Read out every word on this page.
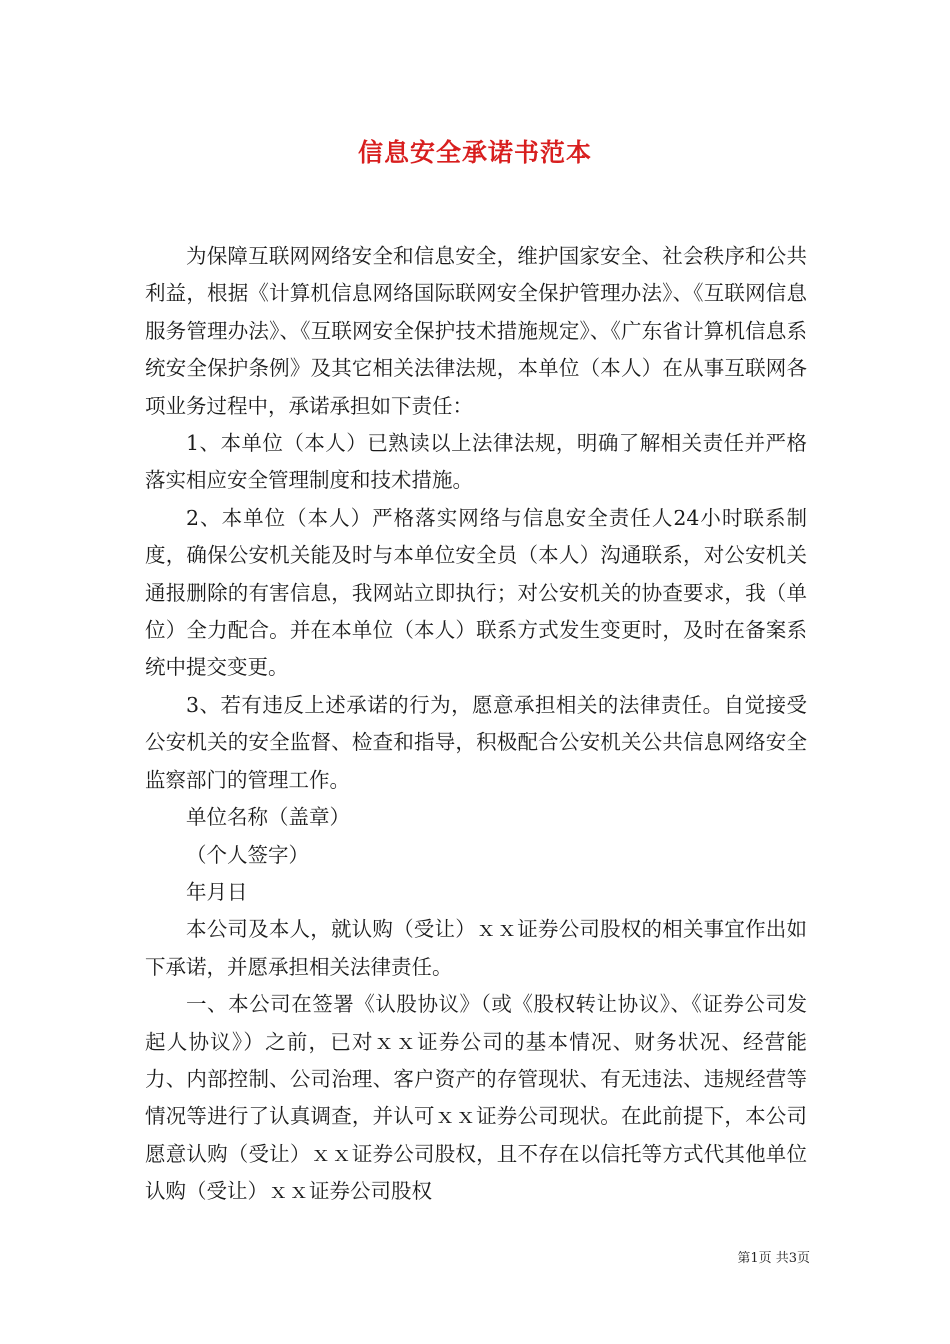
信息安全承诺书范本

为保障互联网网络安全和信息安全，维护国家安全、社会秩序和公共利益，根据《计算机信息网络国际联网安全保护管理办法》、《互联网信息服务管理办法》、《互联网安全保护技术措施规定》、《广东省计算机信息系统安全保护条例》及其它相关法律法规，本单位（本人）在从事互联网各项业务过程中，承诺承担如下责任：

1、本单位（本人）已熟读以上法律法规，明确了解相关责任并严格落实相应安全管理制度和技术措施。

2、本单位（本人）严格落实网络与信息安全责任人24小时联系制度，确保公安机关能及时与本单位安全员（本人）沟通联系，对公安机关通报删除的有害信息，我网站立即执行；对公安机关的协查要求，我（单位）全力配合。并在本单位（本人）联系方式发生变更时，及时在备案系统中提交变更。

3、若有违反上述承诺的行为，愿意承担相关的法律责任。自觉接受公安机关的安全监督、检查和指导，积极配合公安机关公共信息网络安全监察部门的管理工作。

单位名称（盖章）

（个人签字）

年月日

本公司及本人，就认购（受让）ｘｘ证券公司股权的相关事宜作出如下承诺，并愿承担相关法律责任。

一、本公司在签署《认股协议》（或《股权转让协议》、《证券公司发起人协议》）之前，已对ｘｘ证券公司的基本情况、财务状况、经营能力、内部控制、公司治理、客户资产的存管现状、有无违法、违规经营等情况等进行了认真调查，并认可ｘｘ证券公司现状。在此前提下，本公司愿意认购（受让）ｘｘ证券公司股权，且不存在以信托等方式代其他单位认购（受让）ｘｘ证券公司股权

第1页 共3页
